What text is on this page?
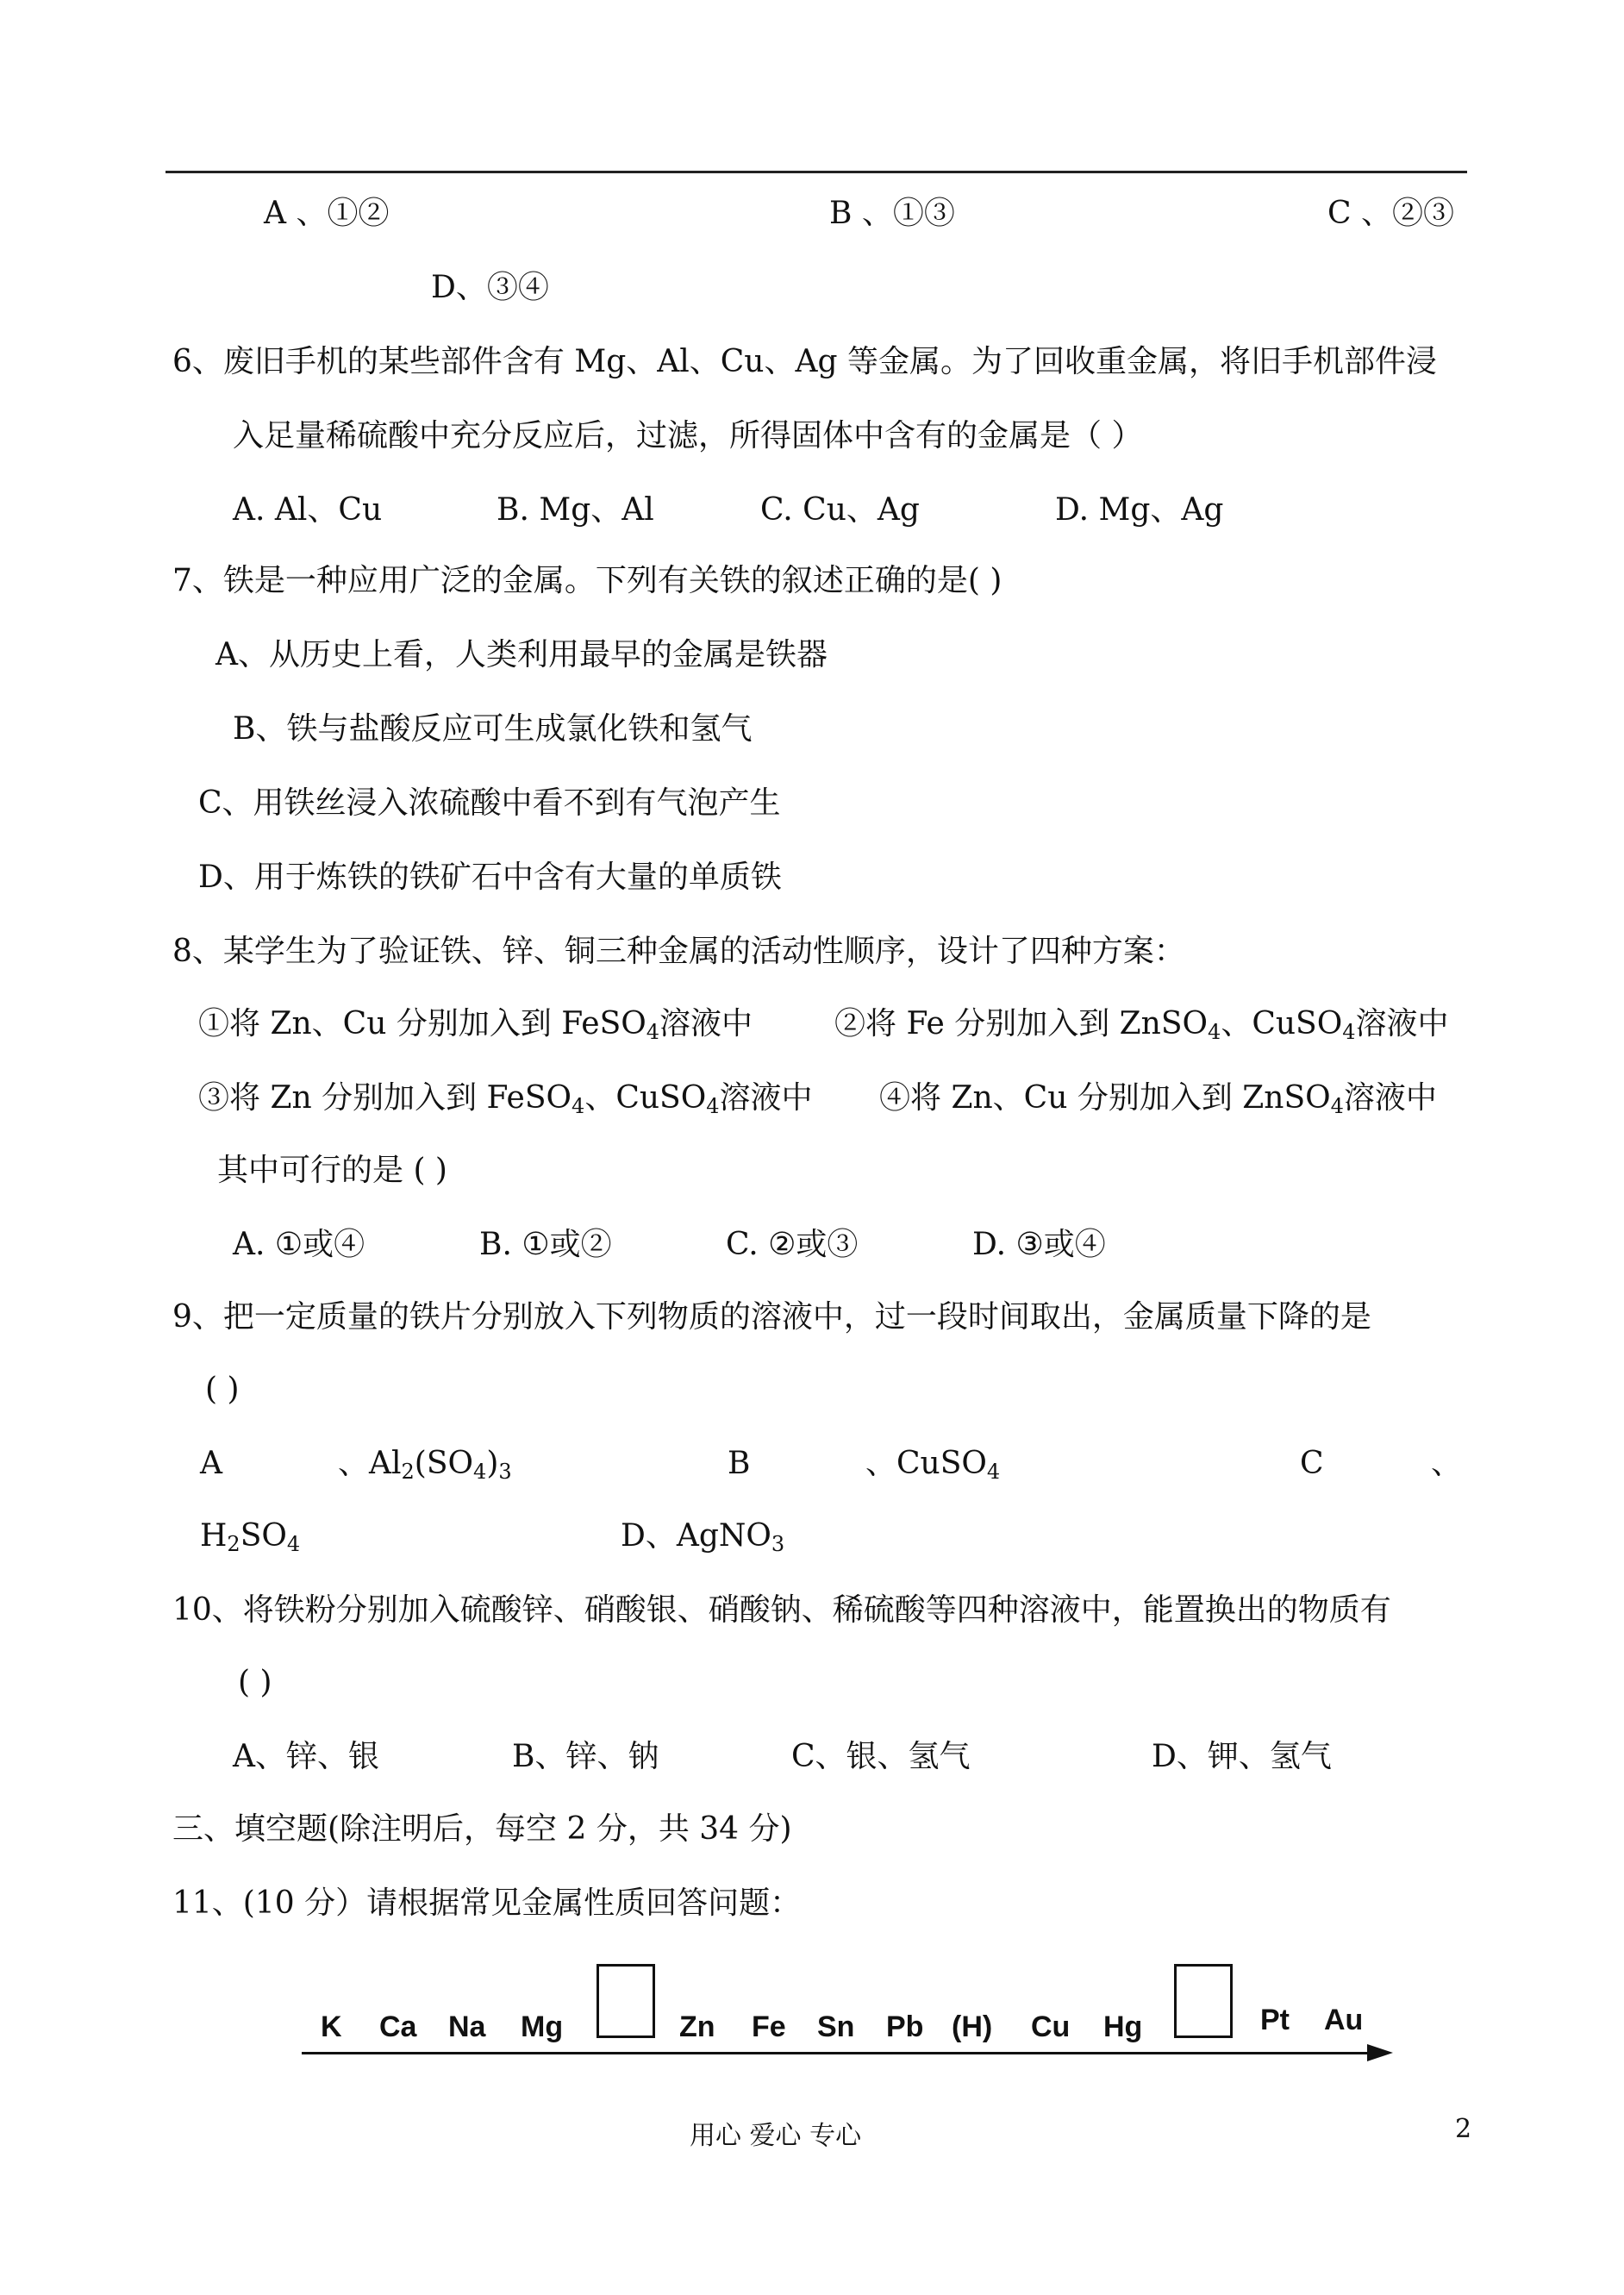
A 、①②	B 、①③	C 、②③
D、③④
6、废旧手机的某些部件含有 Mg、Al、Cu、Ag 等金属。为了回收重金属，将旧手机部件浸
入足量稀硫酸中充分反应后，过滤，所得固体中含有的金属是（ ）
A. Al、Cu	B. Mg、Al	C. Cu、Ag	D. Mg、Ag
7、铁是一种应用广泛的金属。下列有关铁的叙述正确的是( )
A、从历史上看，人类利用最早的金属是铁器
B、铁与盐酸反应可生成氯化铁和氢气
C、用铁丝浸入浓硫酸中看不到有气泡产生
D、用于炼铁的铁矿石中含有大量的单质铁
8、某学生为了验证铁、锌、铜三种金属的活动性顺序，设计了四种方案：
①将 Zn、Cu 分别加入到 FeSO$_4$溶液中	②将 Fe 分别加入到 ZnSO$_4$、CuSO$_4$溶液中
③将 Zn 分别加入到 FeSO$_4$、CuSO$_4$溶液中 ④将 Zn、Cu 分别加入到 ZnSO$_4$溶液中
其中可行的是 ( )
A. ①或④	B. ①或②	C. ②或③	D. ③或④
9、把一定质量的铁片分别放入下列物质的溶液中，过一段时间取出，金属质量下降的是
( )
A	、$Al_2(SO_4)_3$	B	、CuSO$_4$	C	、
$H_2SO_4$	D、AgNO$_3$
10、将铁粉分别加入硫酸锌、硝酸银、硝酸钠、稀硫酸等四种溶液中，能置换出的物质有
( )
A、锌、银	B、锌、钠	C、银、氢气	D、钾、氢气
三、填空题(除注明后，每空 2 分，共 34 分)
11、(10 分）请根据常见金属性质回答问题：
K Ca Na Mg	Zn Fe Sn Pb (H) Cu Hg	Pt Au
用心 爱心 专心	2
